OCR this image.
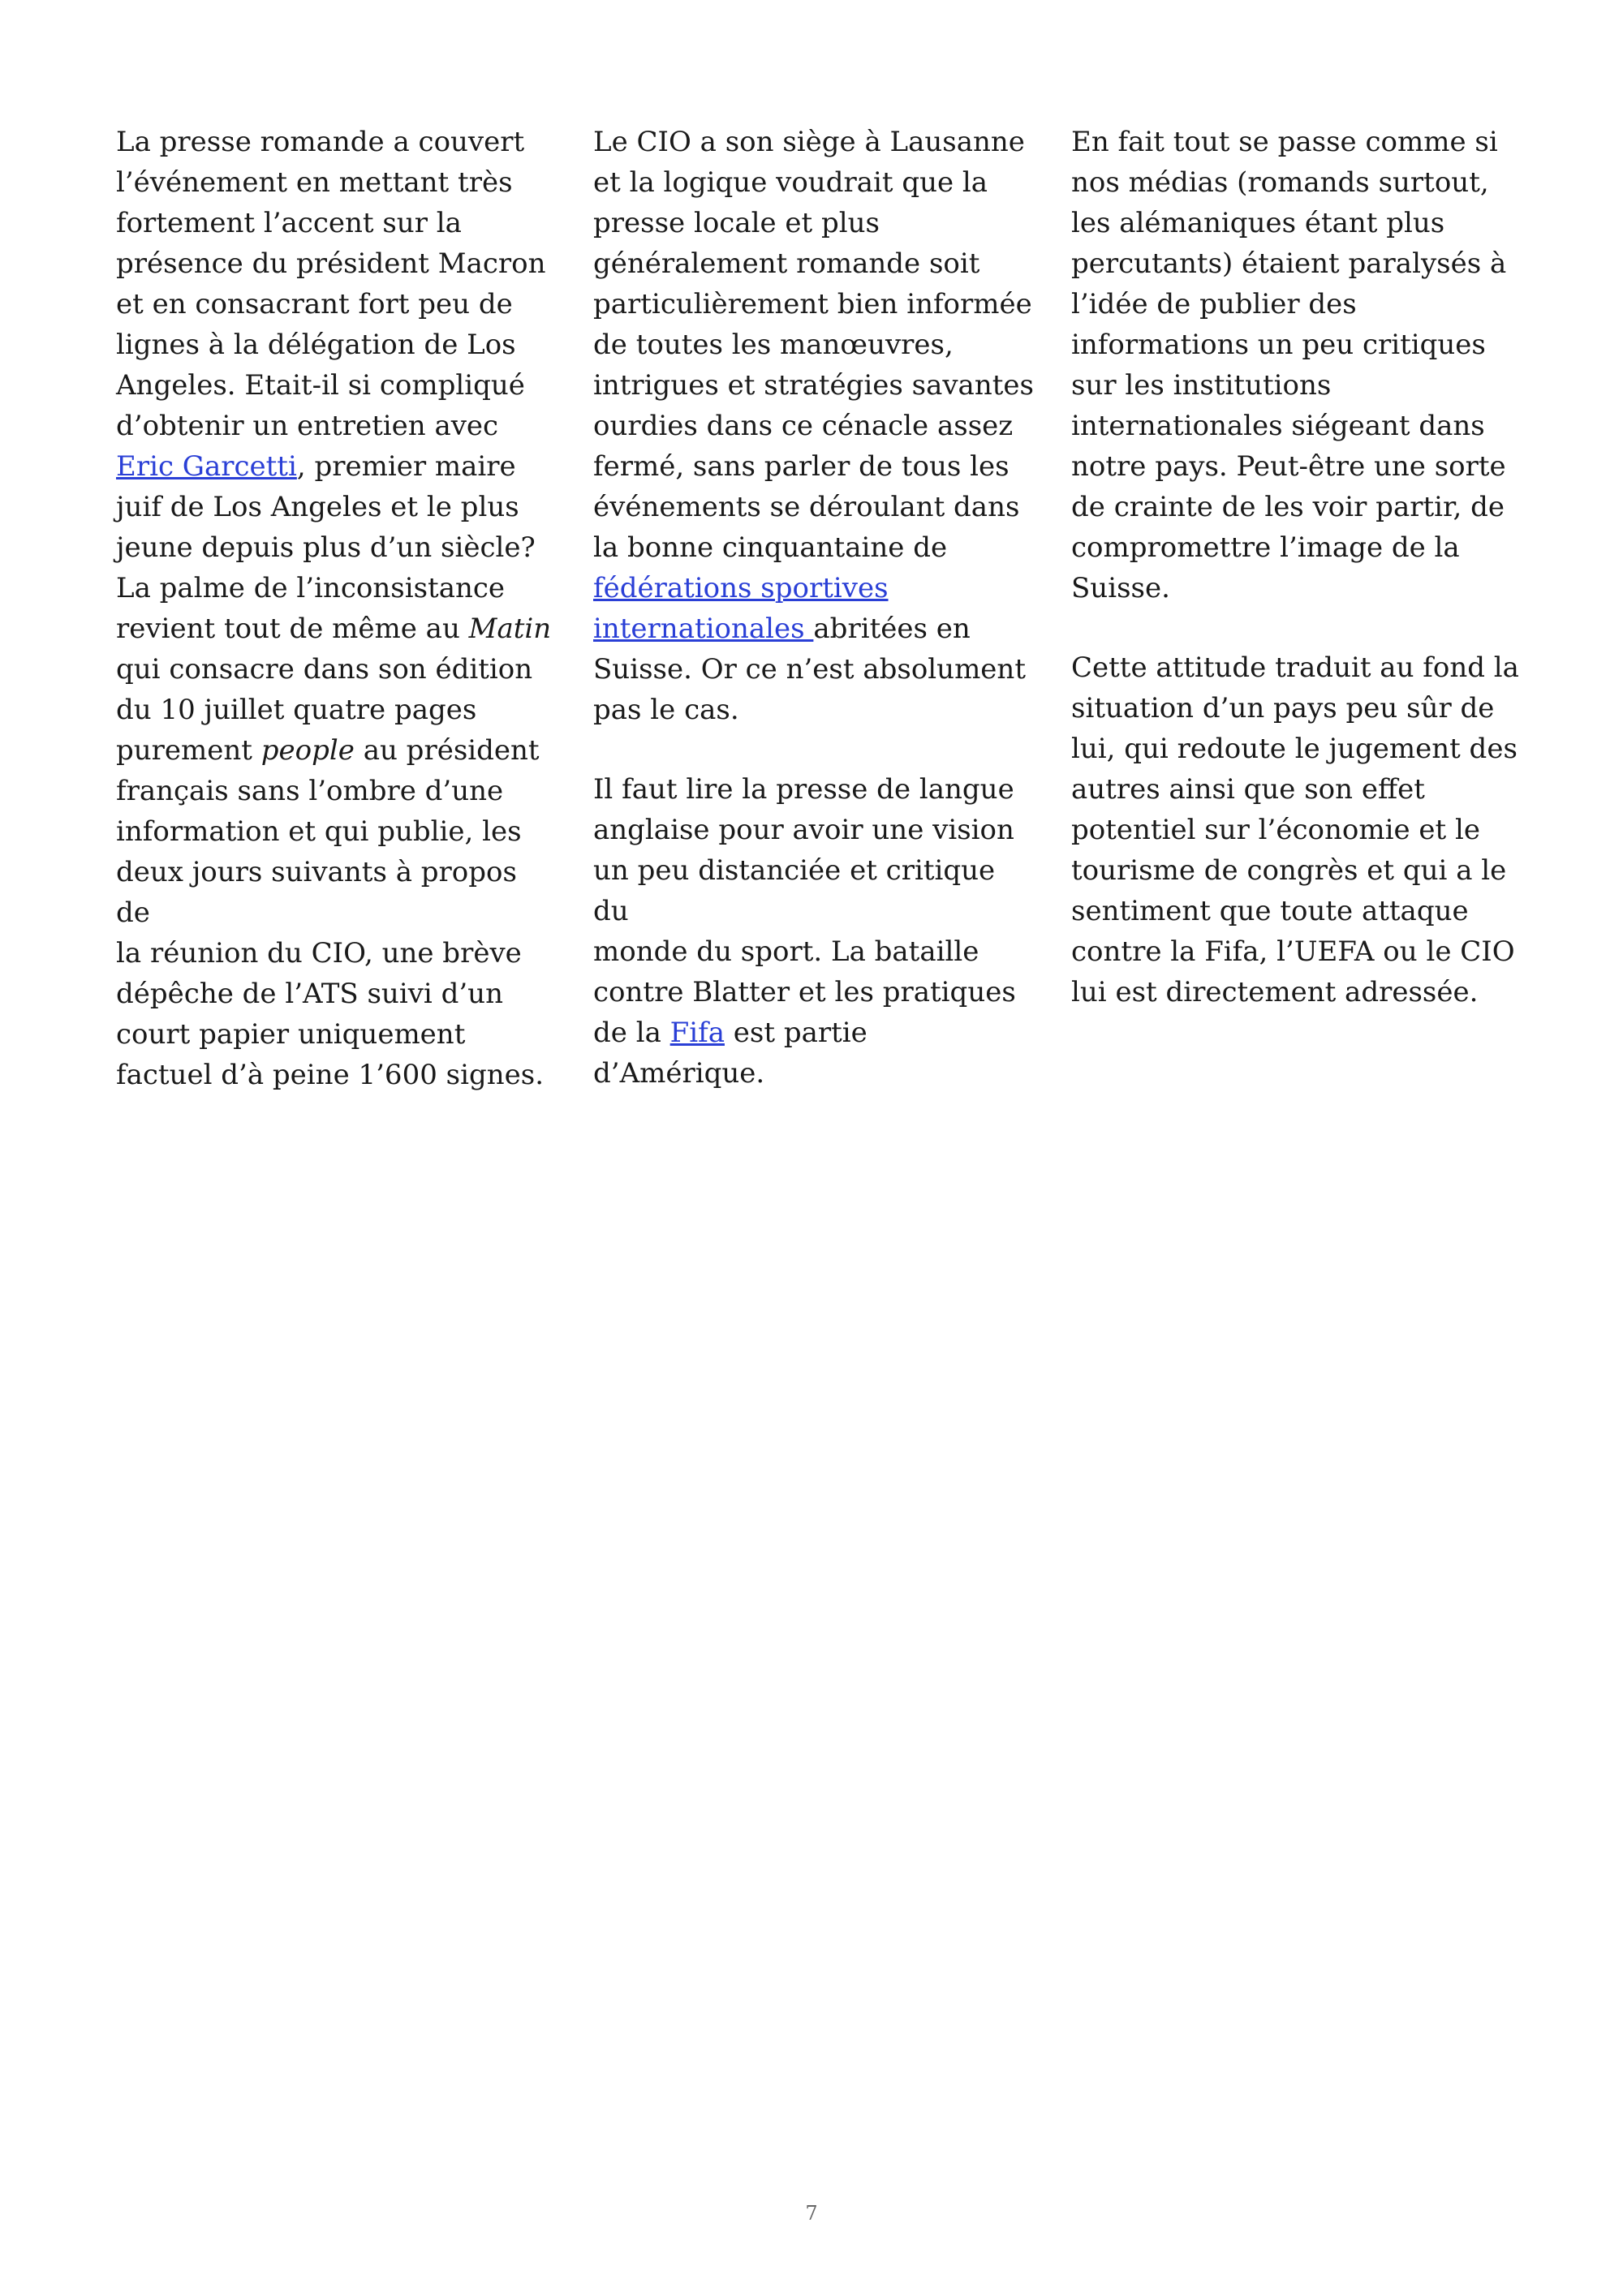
La presse romande a couvert
l’événement en mettant très
fortement l’accent sur la
présence du président Macron
et en consacrant fort peu de
lignes à la délégation de Los
Angeles. Etait-il si compliqué
d’obtenir un entretien avec
Eric Garcetti, premier maire
juif de Los Angeles et le plus
jeune depuis plus d’un siècle?
La palme de l’inconsistance
revient tout de même au Matin
qui consacre dans son édition
du 10 juillet quatre pages
purement people au président
français sans l’ombre d’une
information et qui publie, les
deux jours suivants à propos de
la réunion du CIO, une brève
dépêche de l’ATS suivi d’un
court papier uniquement
factuel d’à peine 1’600 signes.

Le CIO a son siège à Lausanne
et la logique voudrait que la
presse locale et plus
généralement romande soit
particulièrement bien informée
de toutes les manœuvres,
intrigues et stratégies savantes
ourdies dans ce cénacle assez
fermé, sans parler de tous les
événements se déroulant dans
la bonne cinquantaine de
fédérations sportives
internationales abritées en
Suisse. Or ce n’est absolument
pas le cas.

Il faut lire la presse de langue
anglaise pour avoir une vision
un peu distanciée et critique du
monde du sport. La bataille
contre Blatter et les pratiques
de la Fifa est partie
d’Amérique.

En fait tout se passe comme si
nos médias (romands surtout,
les alémaniques étant plus
percutants) étaient paralysés à
l’idée de publier des
informations un peu critiques
sur les institutions
internationales siégeant dans
notre pays. Peut-être une sorte
de crainte de les voir partir, de
compromettre l’image de la
Suisse.

Cette attitude traduit au fond la
situation d’un pays peu sûr de
lui, qui redoute le jugement des
autres ainsi que son effet
potentiel sur l’économie et le
tourisme de congrès et qui a le
sentiment que toute attaque
contre la Fifa, l’UEFA ou le CIO
lui est directement adressée.

7
